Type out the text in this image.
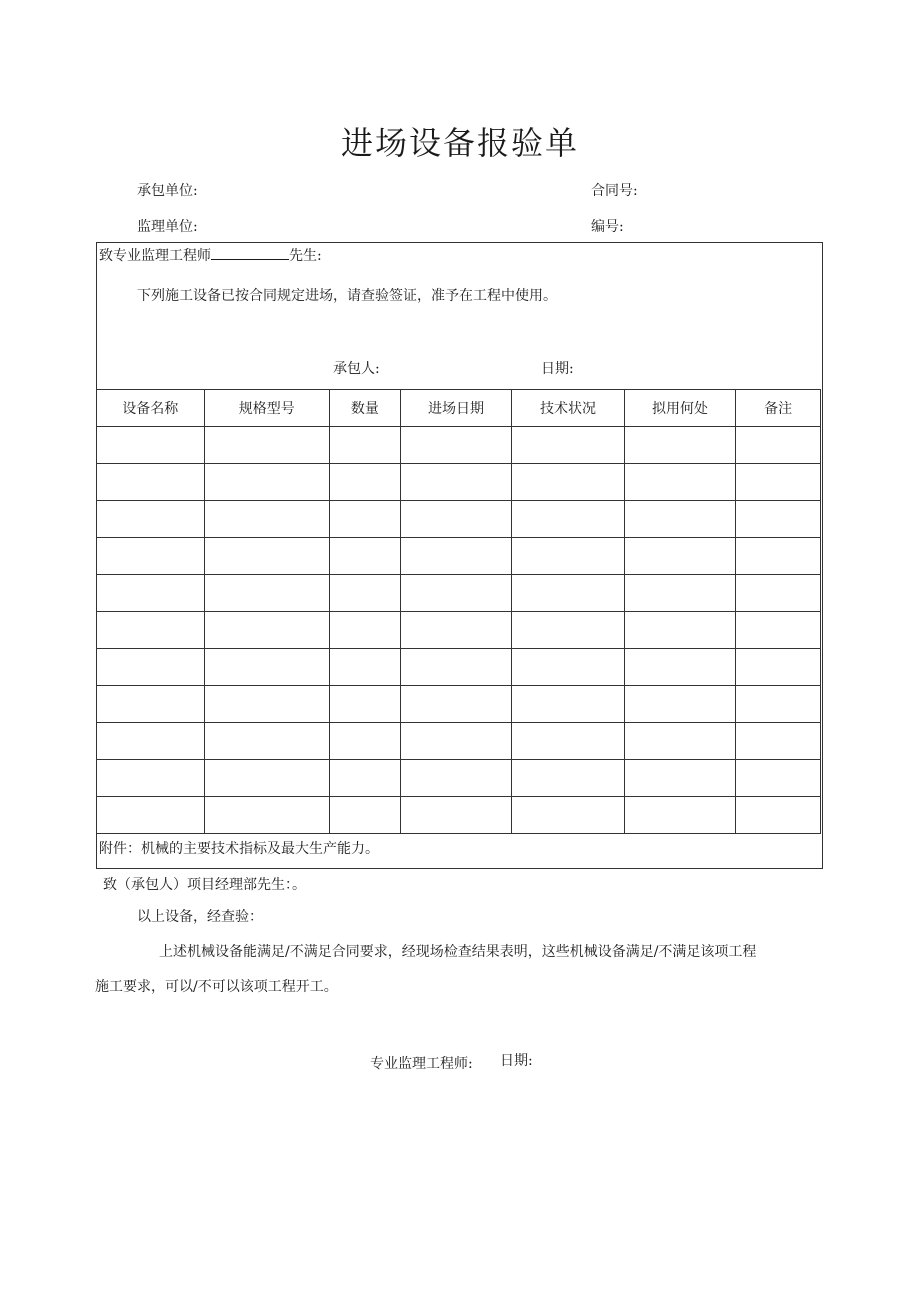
进场设备报验单
承包单位:	合同号:
监理单位:	编号:
致专业监理工程师	先生:
下列施工设备已按合同规定进场，请查验签证，准予在工程中使用。
承包人:	日期:
设备名称	规格型号	数量	进场日期	技术状况	拟用何处	备注

附件：机械的主要技术指标及最大生产能力。
致（承包人）项目经理部先生：。
以上设备，经查验：
上述机械设备能满足/不满足合同要求，经现场检查结果表明，这些机械设备满足/不满足该项工程
施工要求，可以/不可以该项工程开工。
专业监理工程师: 日期:
